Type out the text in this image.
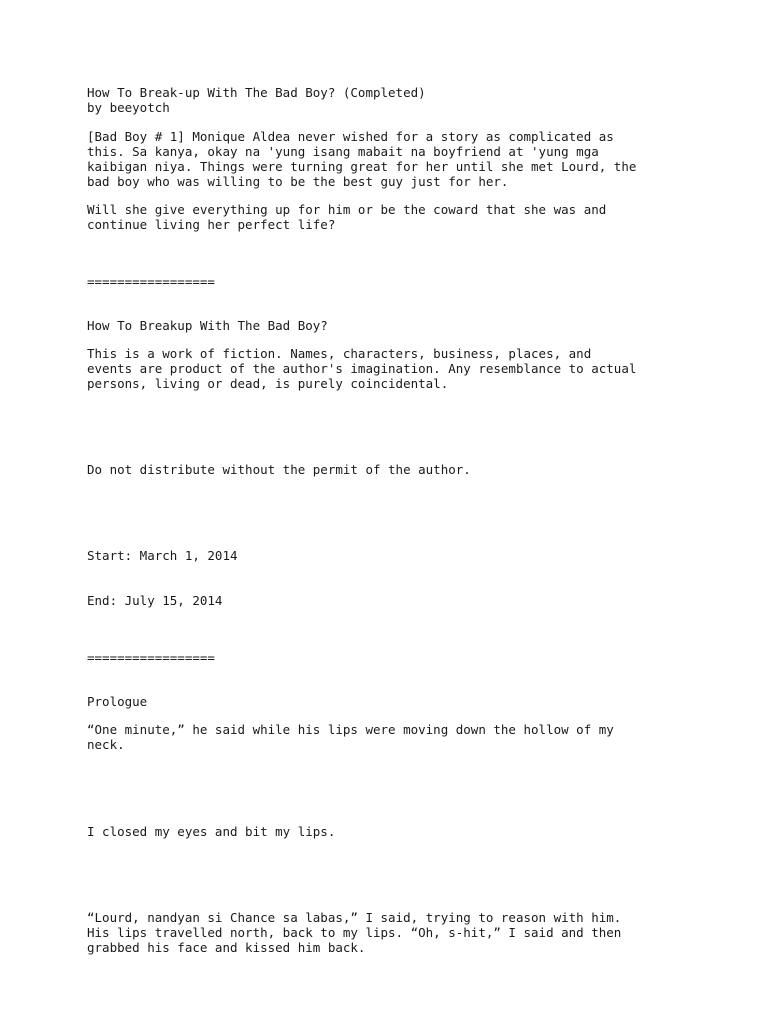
How To Break-up With The Bad Boy? (Completed)

by beeyotch

[Bad Boy # 1] Monique Aldea never wished for a story as complicated as

this. Sa kanya, okay na 'yung isang mabait na boyfriend at 'yung mga

kaibigan niya. Things were turning great for her until she met Lourd, the

bad boy who was willing to be the best guy just for her.

Will she give everything up for him or be the coward that she was and

continue living her perfect life?

=================

How To Breakup With The Bad Boy?

This is a work of fiction. Names, characters, business, places, and

events are product of the author's imagination. Any resemblance to actual

persons, living or dead, is purely coincidental.

Do not distribute without the permit of the author.

Start: March 1, 2014

End: July 15, 2014

=================

Prologue

“One minute,” he said while his lips were moving down the hollow of my

neck.

I closed my eyes and bit my lips.

“Lourd, nandyan si Chance sa labas,” I said, trying to reason with him.

His lips travelled north, back to my lips. “Oh, s-hit,” I said and then

grabbed his face and kissed him back.
